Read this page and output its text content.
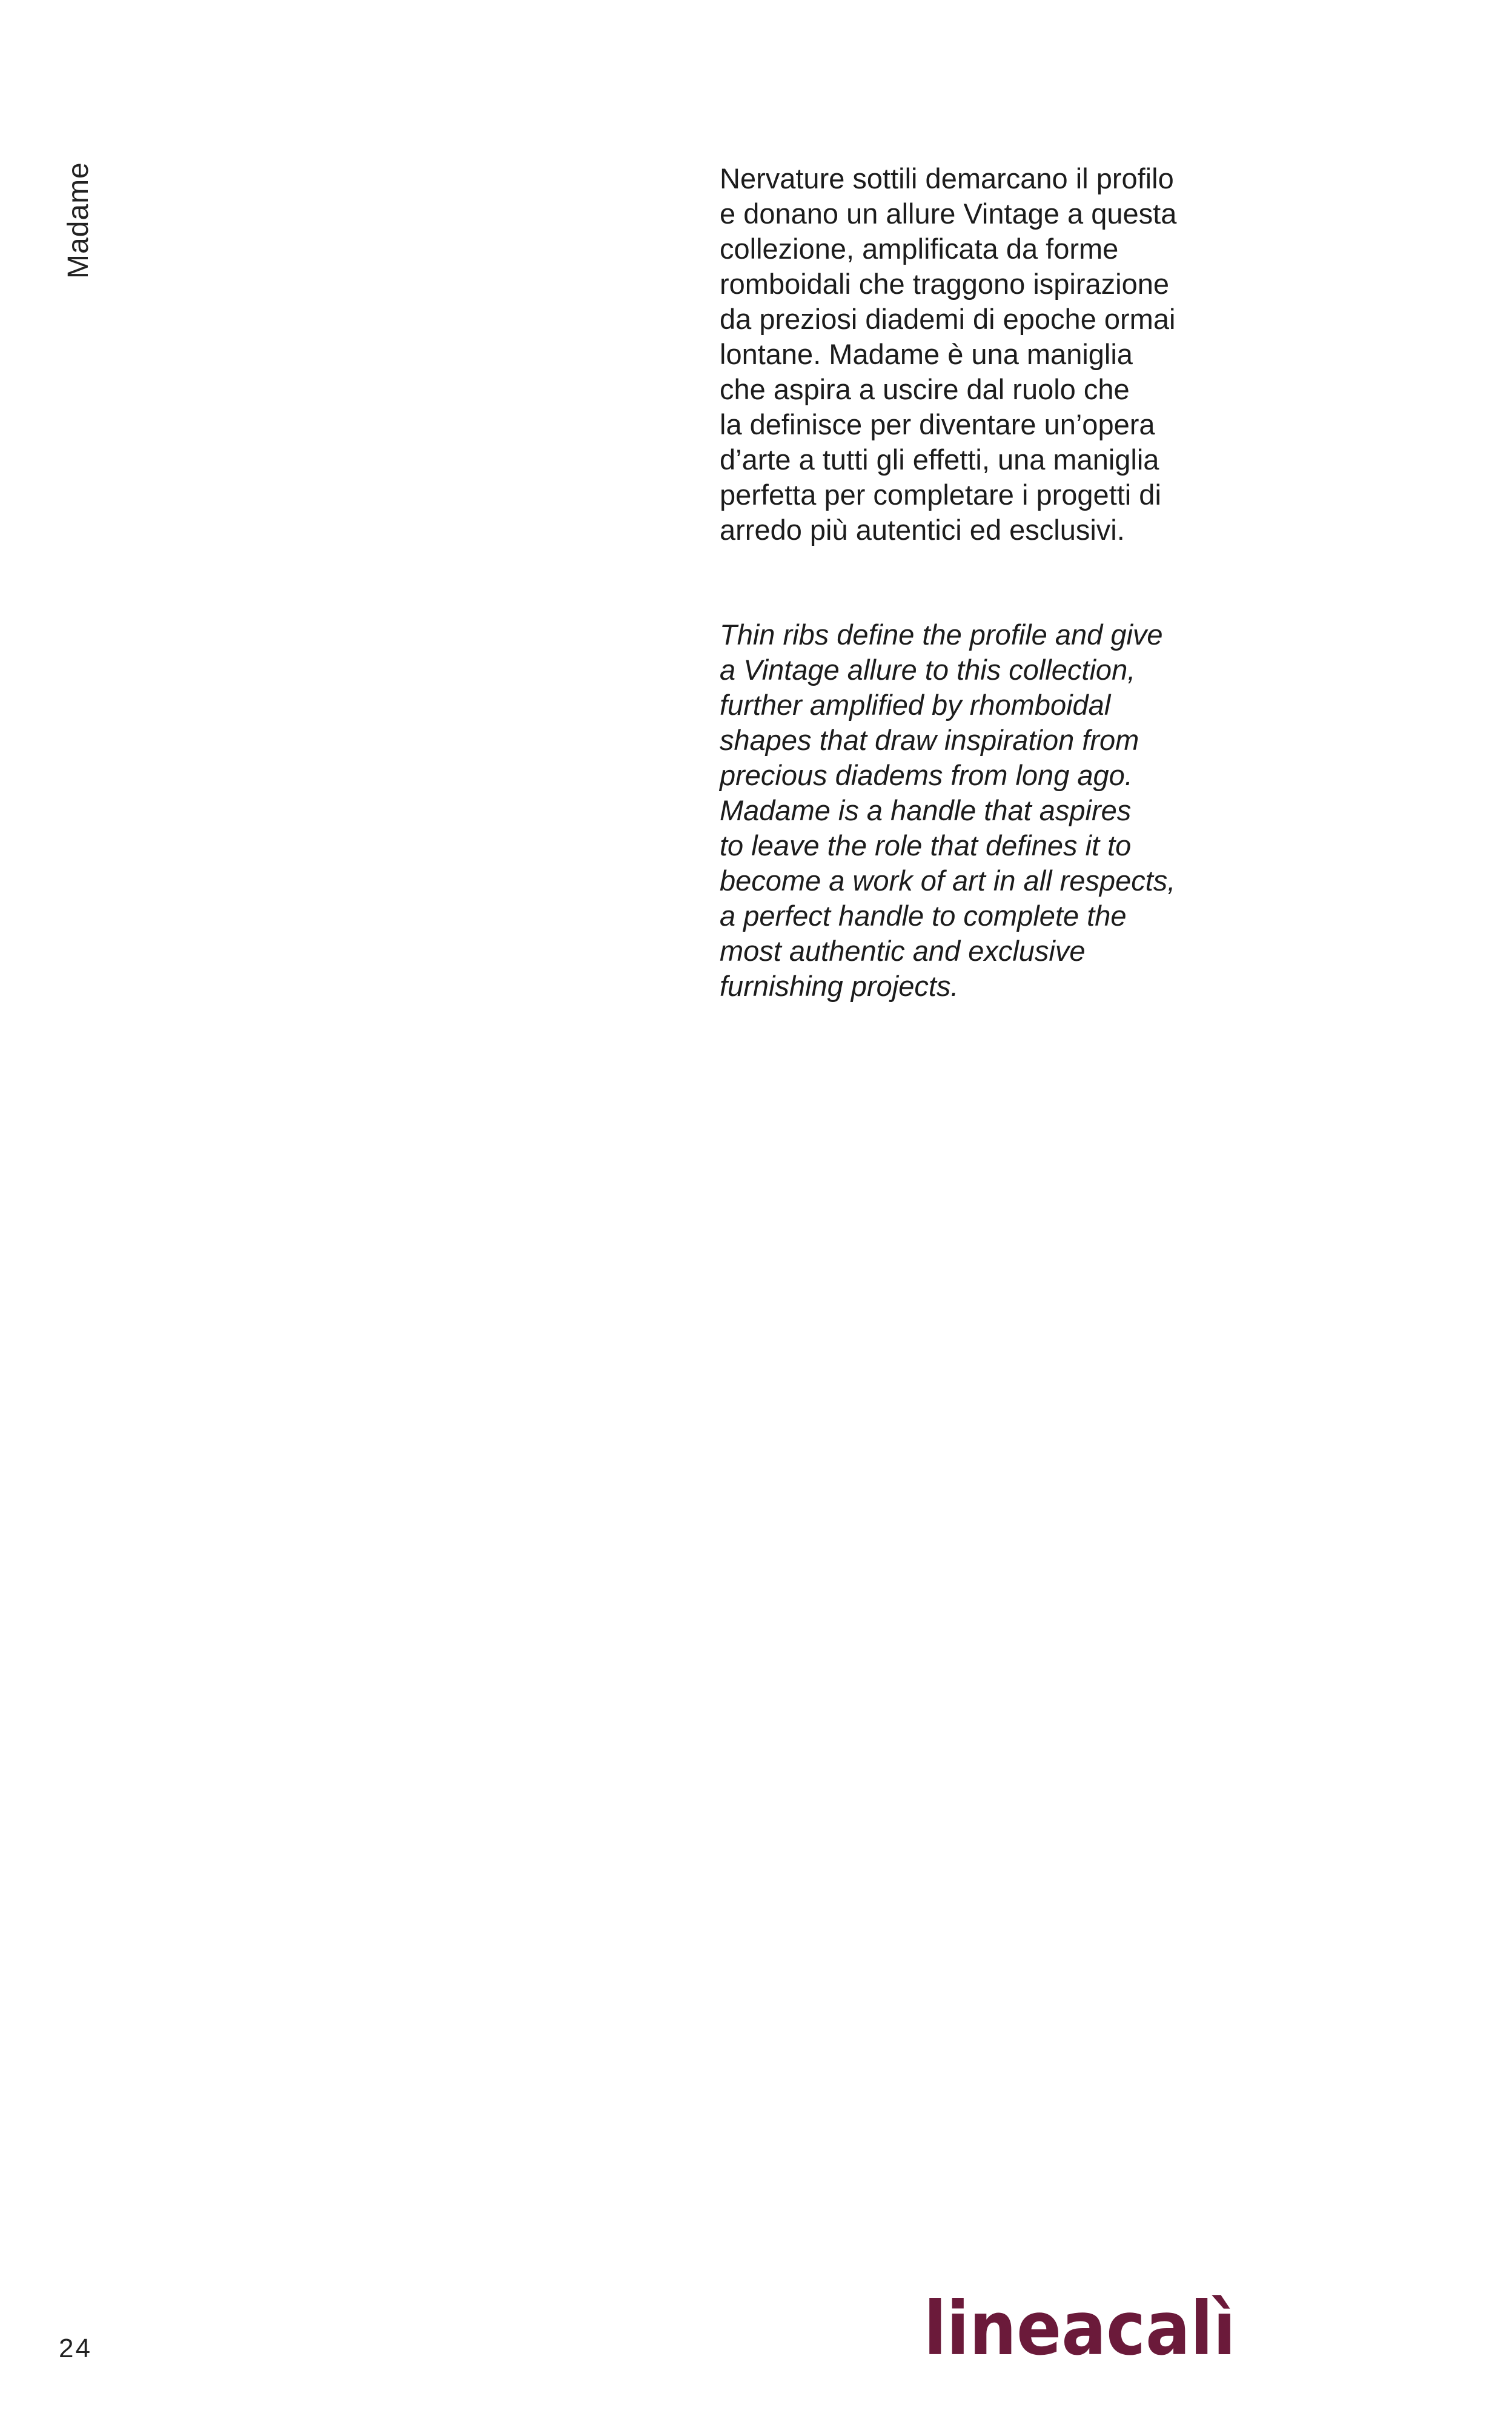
Madame	Nervature sottili demarcano il profilo
e donano un allure Vintage a questa
collezione, amplificata da forme
romboidali che traggono ispirazione
da preziosi diademi di epoche ormai
lontane. Madame è una maniglia
che aspira a uscire dal ruolo che
la definisce per diventare un’opera
d’arte a tutti gli effetti, una maniglia
perfetta per completare i progetti di
arredo più autentici ed esclusivi.

Thin ribs define the profile and give
a Vintage allure to this collection,
further amplified by rhomboidal
shapes that draw inspiration from
precious diadems from long ago.
Madame is a handle that aspires
to leave the role that defines it to
become a work of art in all respects,
a perfect handle to complete the
most authentic and exclusive
furnishing projects.

24	lineacalì
